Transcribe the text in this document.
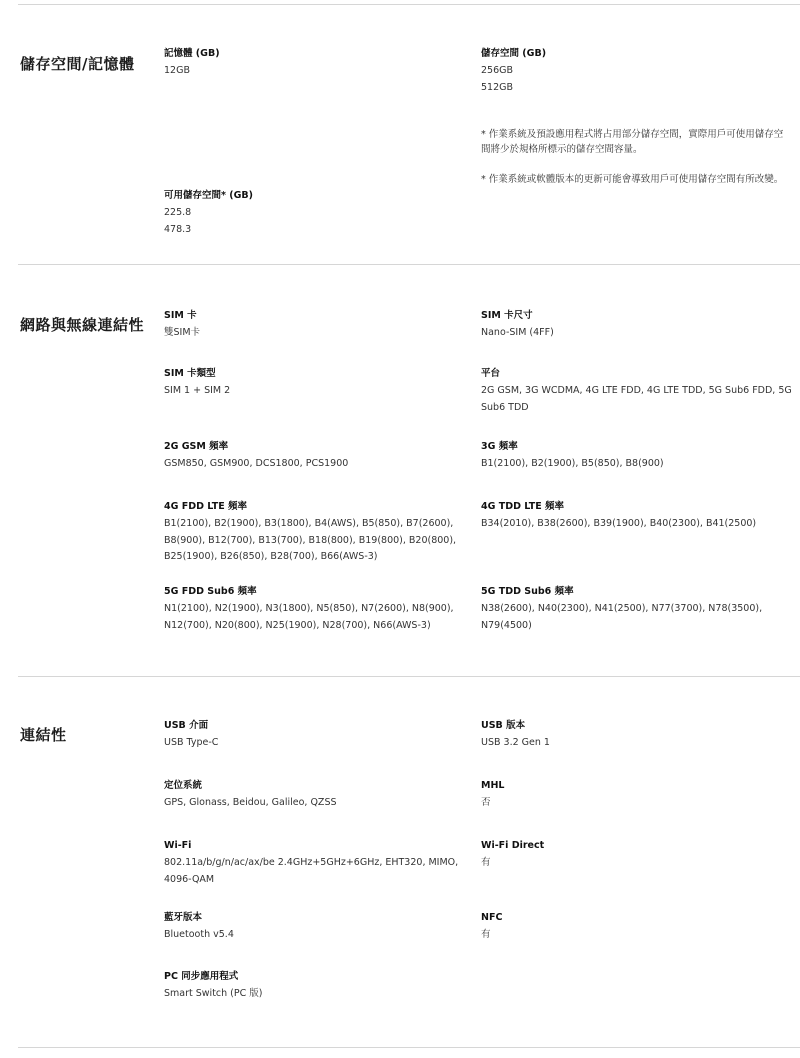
儲存空間/記憶體
記憶體 (GB)
12GB
儲存空間 (GB)
256GB
512GB

* 作業系統及預設應用程式將占用部分儲存空間，實際用戶可使用儲存空間將少於規格所標示的儲存空間容量。

* 作業系統或軟體版本的更新可能會導致用戶可使用儲存空間有所改變。

可用儲存空間* (GB)
225.8
478.3
網路與無線連結性
SIM 卡
雙SIM卡
SIM 卡尺寸
Nano-SIM (4FF)
SIM 卡類型
SIM 1 + SIM 2
平台
2G GSM, 3G WCDMA, 4G LTE FDD, 4G LTE TDD, 5G Sub6 FDD, 5G
Sub6 TDD
2G GSM 頻率
GSM850, GSM900, DCS1800, PCS1900
3G 頻率
B1(2100), B2(1900), B5(850), B8(900)
4G FDD LTE 頻率
B1(2100), B2(1900), B3(1800), B4(AWS), B5(850), B7(2600),
B8(900), B12(700), B13(700), B18(800), B19(800), B20(800),
B25(1900), B26(850), B28(700), B66(AWS-3)
4G TDD LTE 頻率
B34(2010), B38(2600), B39(1900), B40(2300), B41(2500)
5G FDD Sub6 頻率
N1(2100), N2(1900), N3(1800), N5(850), N7(2600), N8(900),
N12(700), N20(800), N25(1900), N28(700), N66(AWS-3)
5G TDD Sub6 頻率
N38(2600), N40(2300), N41(2500), N77(3700), N78(3500),
N79(4500)
連結性
USB 介面
USB Type-C
USB 版本
USB 3.2 Gen 1
定位系統
GPS, Glonass, Beidou, Galileo, QZSS
MHL
否
Wi-Fi
802.11a/b/g/n/ac/ax/be 2.4GHz+5GHz+6GHz, EHT320, MIMO,
4096-QAM
Wi-Fi Direct
有
藍牙版本
Bluetooth v5.4
NFC
有
PC 同步應用程式
Smart Switch (PC 版)
